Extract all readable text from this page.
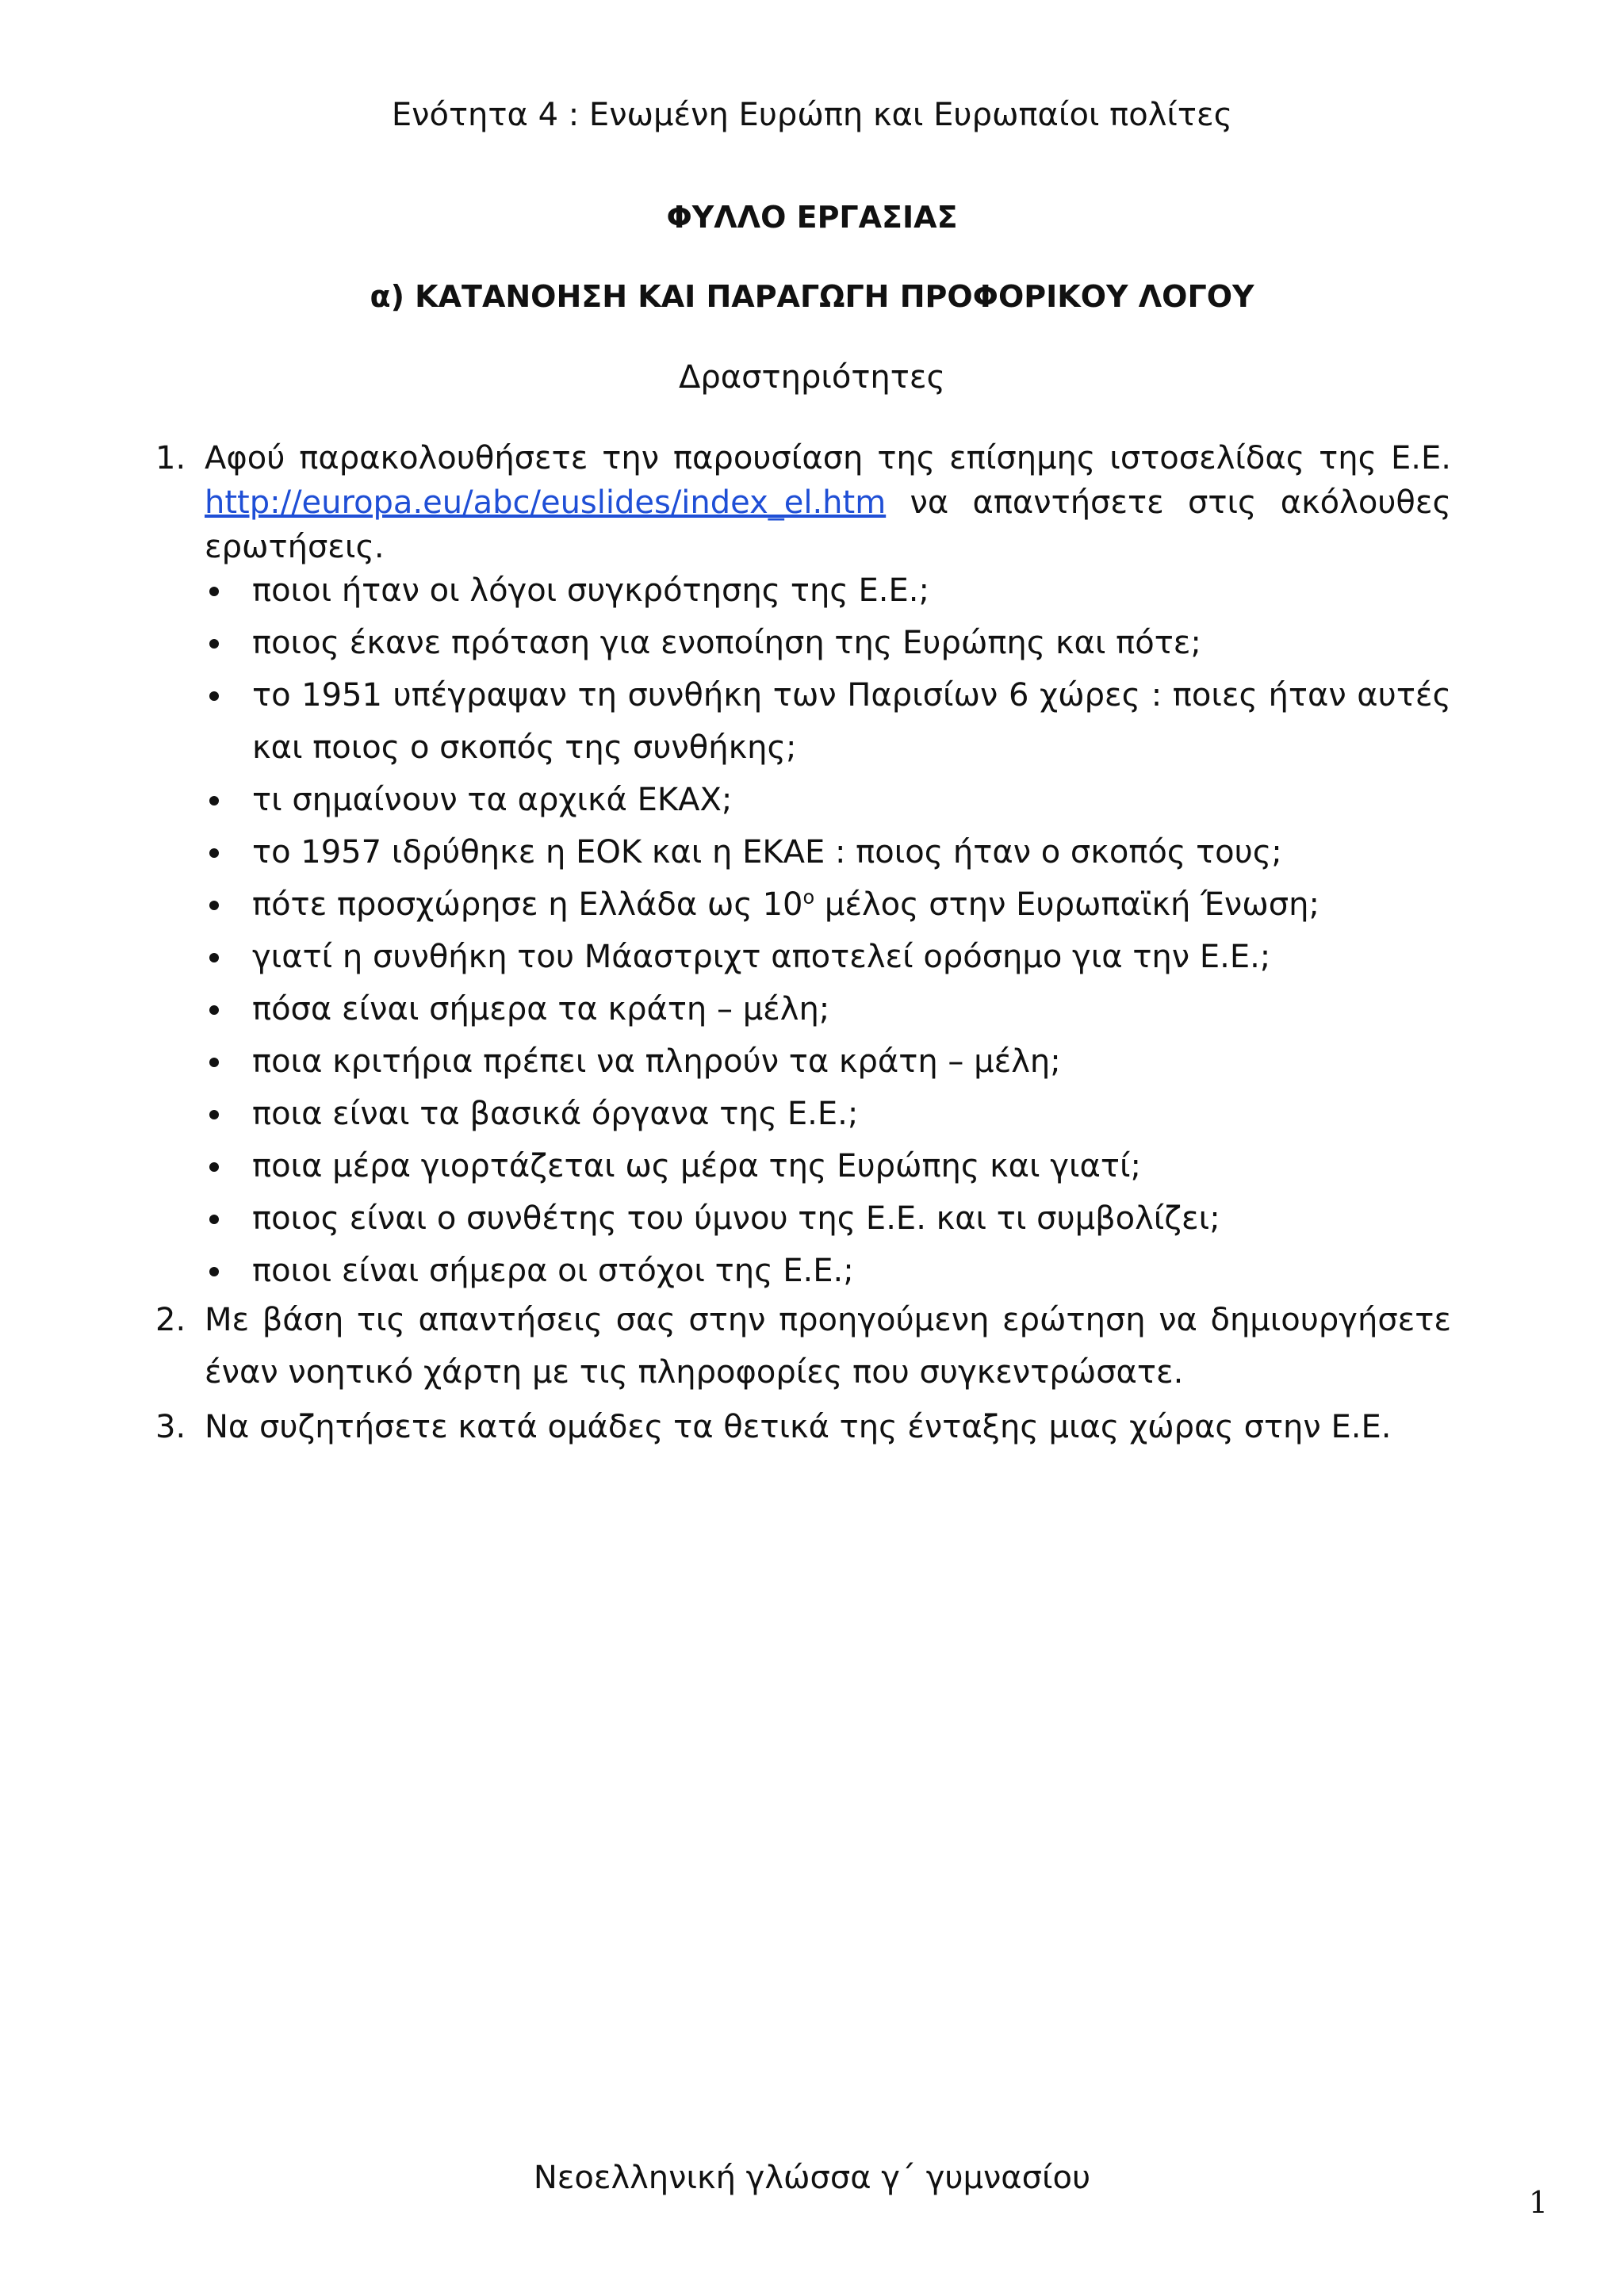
Ενότητα 4 : Ενωμένη Ευρώπη και Ευρωπαίοι πολίτες
ΦΥΛΛΟ ΕΡΓΑΣΙΑΣ
α) ΚΑΤΑΝΟΗΣΗ ΚΑΙ ΠΑΡΑΓΩΓΗ ΠΡΟΦΟΡΙΚΟΥ ΛΟΓΟΥ
Δραστηριότητες
1. Αφού παρακολουθήσετε την παρουσίαση της επίσημης ιστοσελίδας της Ε.Ε.
http://europa.eu/abc/euslides/index_el.htm να απαντήσετε στις ακόλουθες
ερωτήσεις.
ποιοι ήταν οι λόγοι συγκρότησης της Ε.Ε.;
ποιος έκανε πρόταση για ενοποίηση της Ευρώπης και πότε;
το 1951 υπέγραψαν τη συνθήκη των Παρισίων 6 χώρες : ποιες ήταν αυτές και ποιος ο σκοπός της συνθήκης;
τι σημαίνουν τα αρχικά ΕΚΑΧ;
το 1957 ιδρύθηκε η ΕΟΚ και η ΕΚΑΕ : ποιος ήταν ο σκοπός τους;
πότε προσχώρησε η Ελλάδα ως $10^o$ μέλος στην Ευρωπαϊκή Ένωση;
γιατί η συνθήκη του Μάαστριχτ αποτελεί ορόσημο για την Ε.Ε.;
πόσα είναι σήμερα τα κράτη – μέλη;
ποια κριτήρια πρέπει να πληρούν τα κράτη – μέλη;
ποια είναι τα βασικά όργανα της Ε.Ε.;
ποια μέρα γιορτάζεται ως μέρα της Ευρώπης και γιατί;
ποιος είναι ο συνθέτης του ύμνου της Ε.Ε. και τι συμβολίζει;
ποιοι είναι σήμερα οι στόχοι της Ε.Ε.;
2. Με βάση τις απαντήσεις σας στην προηγούμενη ερώτηση να δημιουργήσετε έναν νοητικό χάρτη με τις πληροφορίες που συγκεντρώσατε.
3. Να συζητήσετε κατά ομάδες τα θετικά της ένταξης μιας χώρας στην Ε.Ε.
Νεοελληνική γλώσσα γ΄ γυμνασίου
1
